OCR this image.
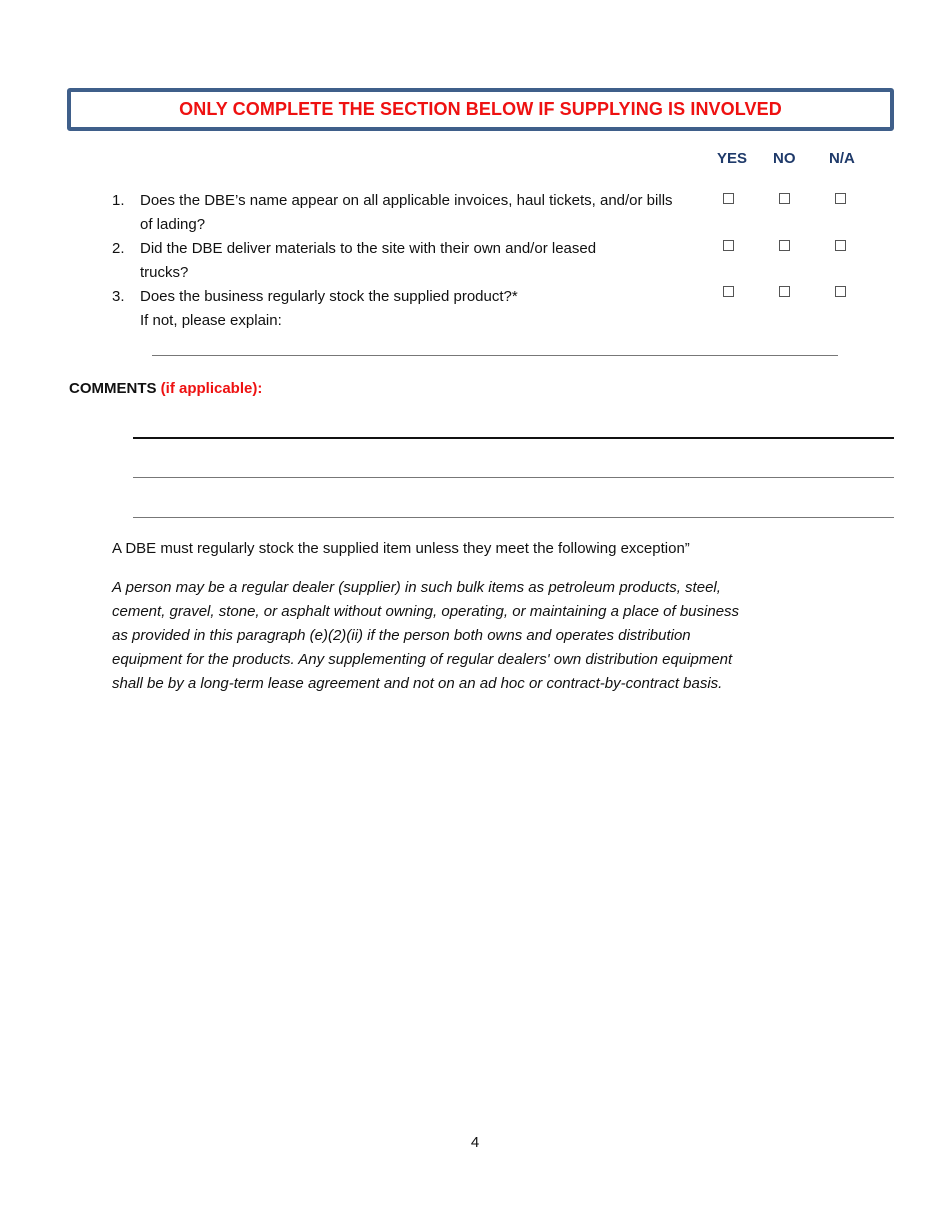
ONLY COMPLETE THE SECTION BELOW IF SUPPLYING IS INVOLVED
YES NO N/A
1. Does the DBE’s name appear on all applicable invoices, haul tickets, and/or bills
of lading?
2. Did the DBE deliver materials to the site with their own and/or leased
trucks?
3. Does the business regularly stock the supplied product?*
If not, please explain:
COMMENTS (if applicable):
A DBE must regularly stock the supplied item unless they meet the following exception”
A person may be a regular dealer (supplier) in such bulk items as petroleum products, steel,
cement, gravel, stone, or asphalt without owning, operating, or maintaining a place of business
as provided in this paragraph (e)(2)(ii) if the person both owns and operates distribution
equipment for the products. Any supplementing of regular dealers' own distribution equipment
shall be by a long-term lease agreement and not on an ad hoc or contract-by-contract basis.
4
